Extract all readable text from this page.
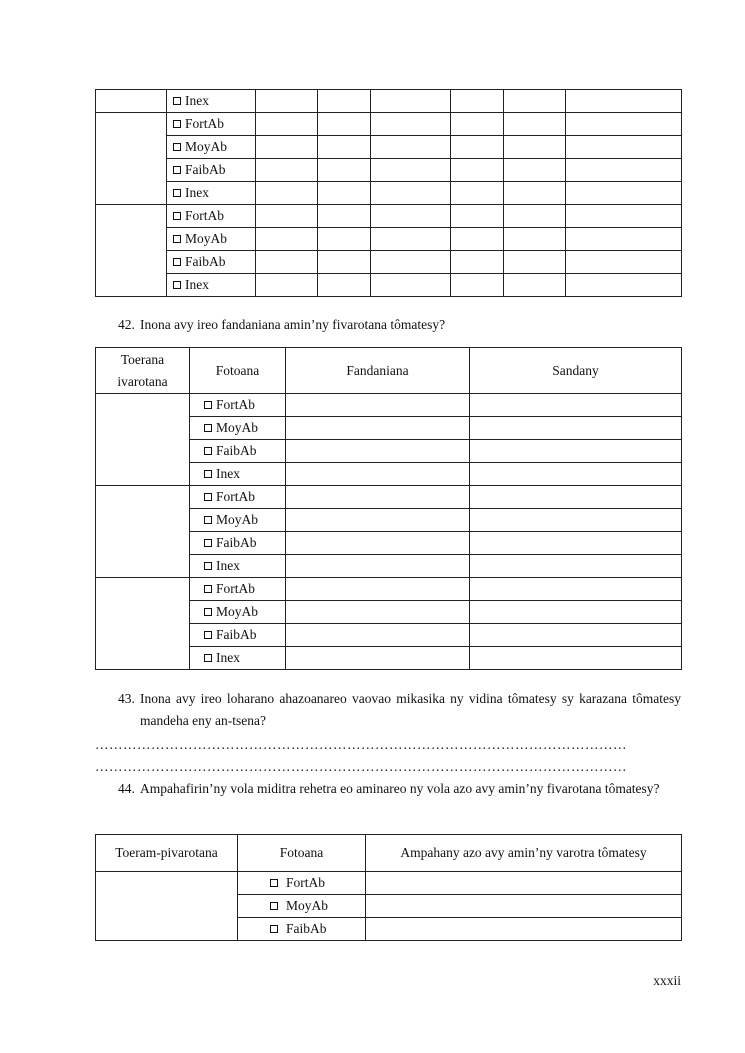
	Inex						
	FortAb						
	MoyAb						
	FaibAb						
	Inex						
	FortAb						
	MoyAb						
	FaibAb						
	Inex						
42. Inona avy ireo fandaniana amin’ny fivarotana tômatesy?
Toerana ivarotana	Fotoana	Fandaniana	Sandany
	FortAb		
	MoyAb		
	FaibAb		
	Inex		
	FortAb		
	MoyAb		
	FaibAb		
	Inex		
	FortAb		
	MoyAb		
	FaibAb		
	Inex		
43. Inona avy ireo loharano ahazoanareo vaovao mikasika ny vidina tômatesy sy karazana tômatesy mandeha eny an-tsena?
……………………………………………………………………………………………………
……………………………………………………………………………………………………
44. Ampahafirin’ny vola miditra rehetra eo aminareo ny vola azo avy amin’ny fivarotana tômatesy?
Toeram-pivarotana	Fotoana	Ampahany azo avy amin’ny varotra tômatesy
	FortAb	
	MoyAb	
	FaibAb	
xxxii
